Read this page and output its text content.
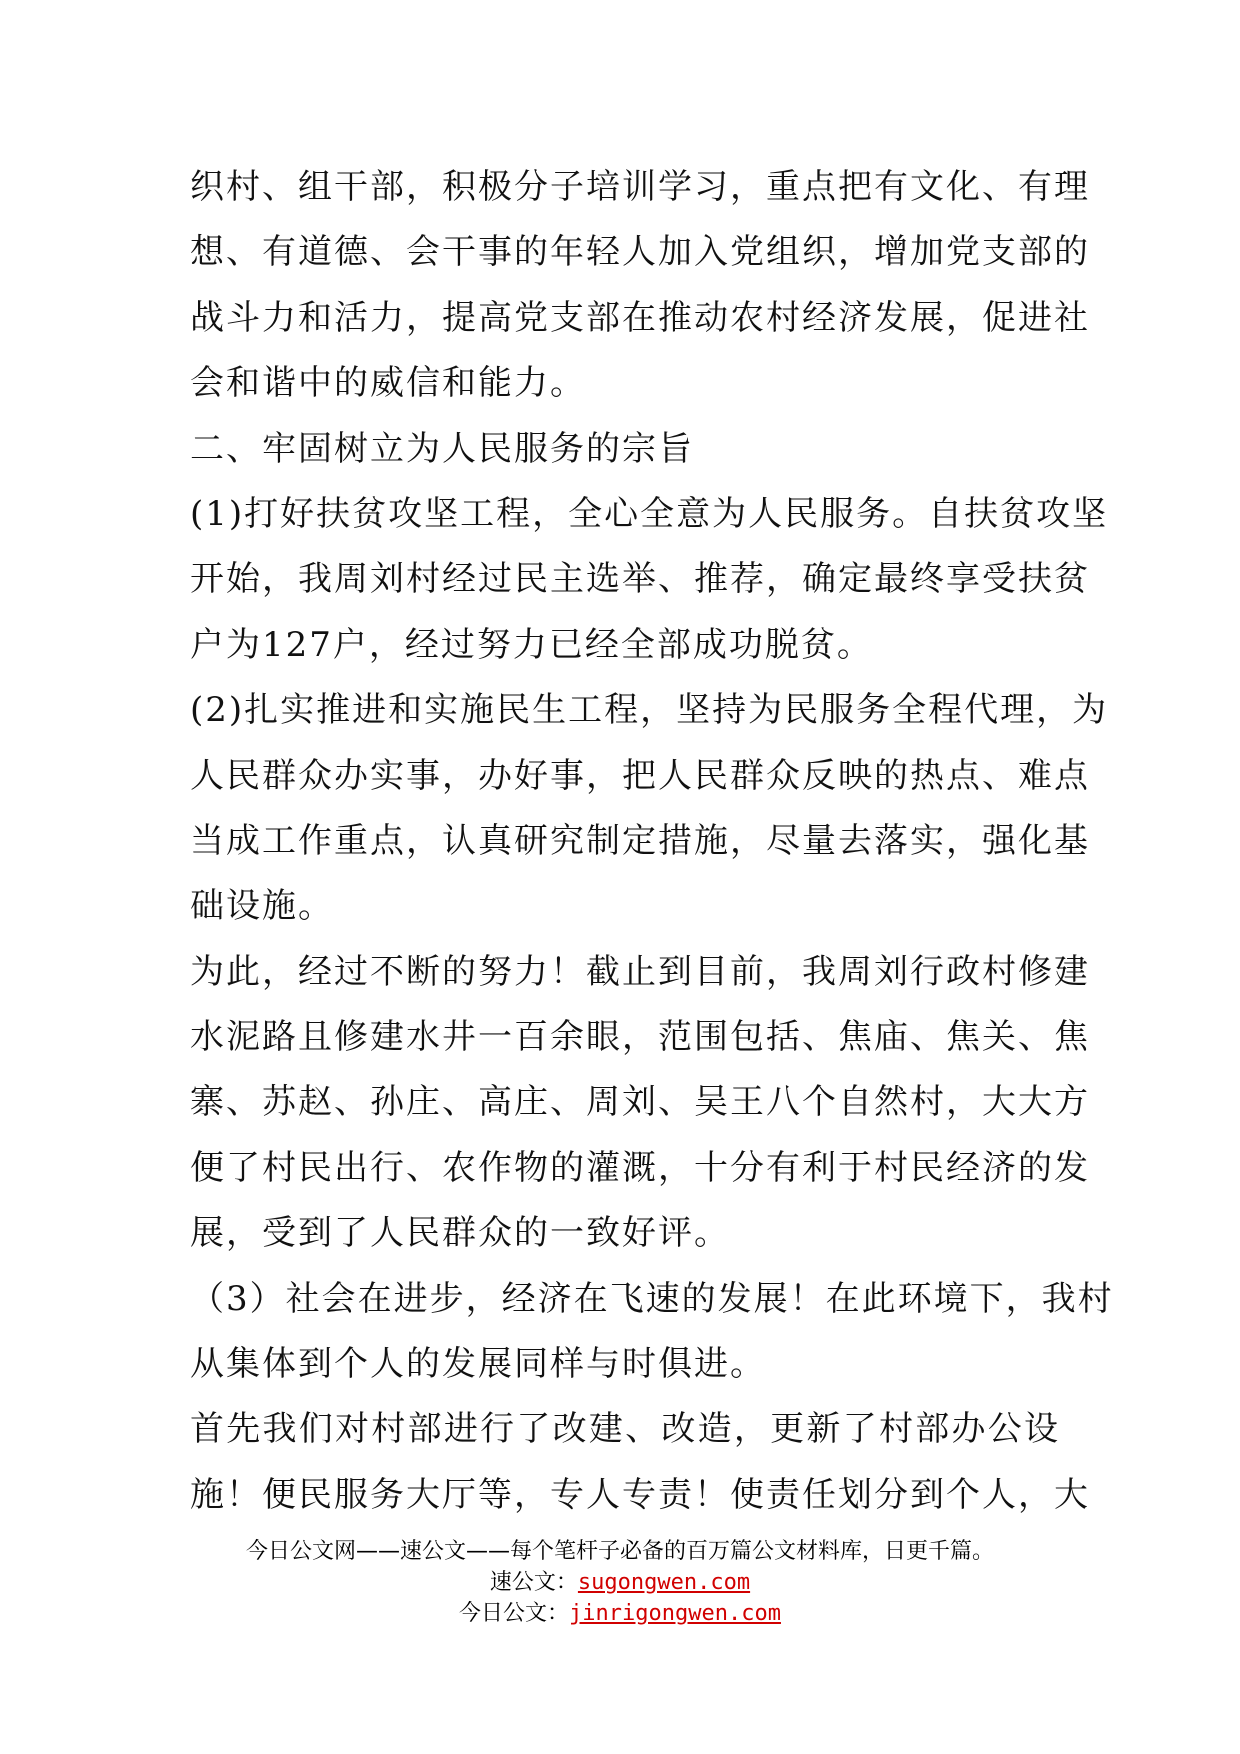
织村、组干部，积极分子培训学习，重点把有文化、有理
想、有道德、会干事的年轻人加入党组织，增加党支部的
战斗力和活力，提高党支部在推动农村经济发展，促进社
会和谐中的威信和能力。
二、牢固树立为人民服务的宗旨
(1)打好扶贫攻坚工程，全心全意为人民服务。自扶贫攻坚
开始，我周刘村经过民主选举、推荐，确定最终享受扶贫
户为127户，经过努力已经全部成功脱贫。
(2)扎实推进和实施民生工程，坚持为民服务全程代理，为
人民群众办实事，办好事，把人民群众反映的热点、难点
当成工作重点，认真研究制定措施，尽量去落实，强化基
础设施。
为此，经过不断的努力！截止到目前，我周刘行政村修建
水泥路且修建水井一百余眼，范围包括、焦庙、焦关、焦
寨、苏赵、孙庄、高庄、周刘、吴王八个自然村，大大方
便了村民出行、农作物的灌溉，十分有利于村民经济的发
展，受到了人民群众的一致好评。
（3）社会在进步，经济在飞速的发展！在此环境下，我村
从集体到个人的发展同样与时俱进。
首先我们对村部进行了改建、改造，更新了村部办公设
施！便民服务大厅等，专人专责！使责任划分到个人，大
今日公文网——速公文——每个笔杆子必备的百万篇公文材料库，日更千篇。
速公文：sugongwen.com
今日公文：jinrigongwen.com
